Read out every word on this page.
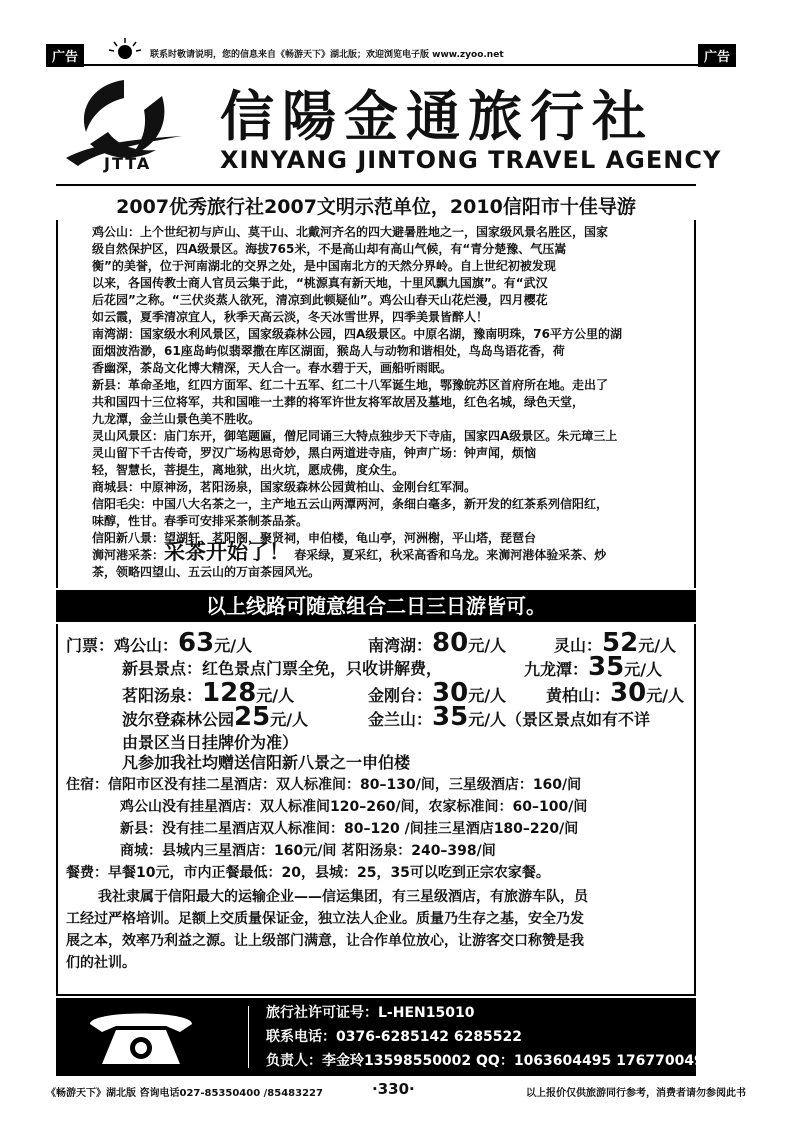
广告	联系时敬请说明，您的信息来自《畅游天下》湖北版；欢迎浏览电子版 www.zyoo.net	广告
JTTA
信陽金通旅行社
XINYANG JINTONG TRAVEL AGENCY
2007优秀旅行社2007文明示范单位，2010信阳市十佳导游
鸡公山：上个世纪初与庐山、莫干山、北戴河齐名的四大避暑胜地之一，国家级风景名胜区，国家
级自然保护区，四A级景区。海拔765米，不是高山却有高山气候，有“青分楚豫、气压嵩
衡”的美誉，位于河南湖北的交界之处，是中国南北方的天然分界岭。自上世纪初被发现
以来，各国传教士商人官员云集于此，“桃源真有新天地，十里风飘九国旗”。有“武汉
后花园”之称。“三伏炎蒸人欲死，清凉到此顿疑仙”。鸡公山春天山花烂漫，四月樱花
如云霞，夏季清凉宜人，秋季天高云淡，冬天冰雪世界，四季美景皆醉人！
南湾湖：国家级水利风景区，国家级森林公园，四A级景区。中原名湖，豫南明珠，76平方公里的湖
面烟波浩渺，61座岛屿似翡翠撒在库区湖面，猴岛人与动物和谐相处，鸟岛鸟语花香，荷
香幽深，茶岛文化博大精深，天人合一。春水碧于天，画船听雨眠。
新县：革命圣地，红四方面军、红二十五军、红二十八军诞生地，鄂豫皖苏区首府所在地。走出了
共和国四十三位将军，共和国唯一土葬的将军许世友将军故居及墓地，红色名城，绿色天堂，
九龙潭，金兰山景色美不胜收。
灵山风景区：庙门东开，御笔题匾，僧尼同诵三大特点独步天下寺庙，国家四A级景区。朱元璋三上
灵山留下千古传奇，罗汉广场构思奇妙，黑白两道进寺庙，钟声广场：钟声闻，烦恼
轻，智慧长，菩提生，离地狱，出火坑，愿成佛，度众生。
商城县：中原神汤，茗阳汤泉，国家级森林公园黄柏山、金刚台红军洞。
信阳毛尖：中国八大名茶之一，主产地五云山两潭两河，条细白毫多，新开发的红茶系列信阳红，
味醇，性甘。春季可安排采茶制茶品茶。
信阳新八景：望湖轩，茗阳阁，聚贤祠，申伯楼，龟山亭，河洲榭，平山塔，琵琶台
浉河港采茶：采茶开始了！ 春采绿，夏采红，秋采高香和乌龙。来浉河港体验采茶、炒
茶，领略四望山、五云山的万亩茶园风光。
以上线路可随意组合二日三日游皆可。
门票：鸡公山：63元/人	南湾湖：80元/人	灵山：52元/人
新县景点：红色景点门票全免，只收讲解费，	九龙潭：35元/人
茗阳汤泉：128元/人	金刚台：30元/人 黄柏山：30元/人
波尔登森林公园25元/人	金兰山：35元/人（景区景点如有不详
由景区当日挂牌价为准）
凡参加我社均赠送信阳新八景之一申伯楼
住宿：信阳市区没有挂二星酒店：双人标准间：80–130/间，三星级酒店：160/间
鸡公山没有挂星酒店：双人标准间120–260/间，农家标准间：60–100/间
新县：没有挂二星酒店双人标准间：80–120 /间挂三星酒店180–220/间
商城：县城内三星酒店：160元/间 茗阳汤泉：240–398/间
餐费：早餐10元，市内正餐最低：20，县城：25，35可以吃到正宗农家餐。
我社隶属于信阳最大的运输企业——信运集团，有三星级酒店，有旅游车队，员
工经过严格培训。足额上交质量保证金，独立法人企业。质量乃生存之基，安全乃发
展之本，效率乃利益之源。让上级部门满意，让合作单位放心，让游客交口称赞是我
们的社训。
旅行社许可证号：L-HEN15010
联系电话：0376-6285142 6285522
负责人：李金玲13598550002 QQ：1063604495 1767700491
《畅游天下》湖北版 咨询电话027-85350400 /85483227	·330·	以上报价仅供旅游同行参考，消费者请勿参阅此书
